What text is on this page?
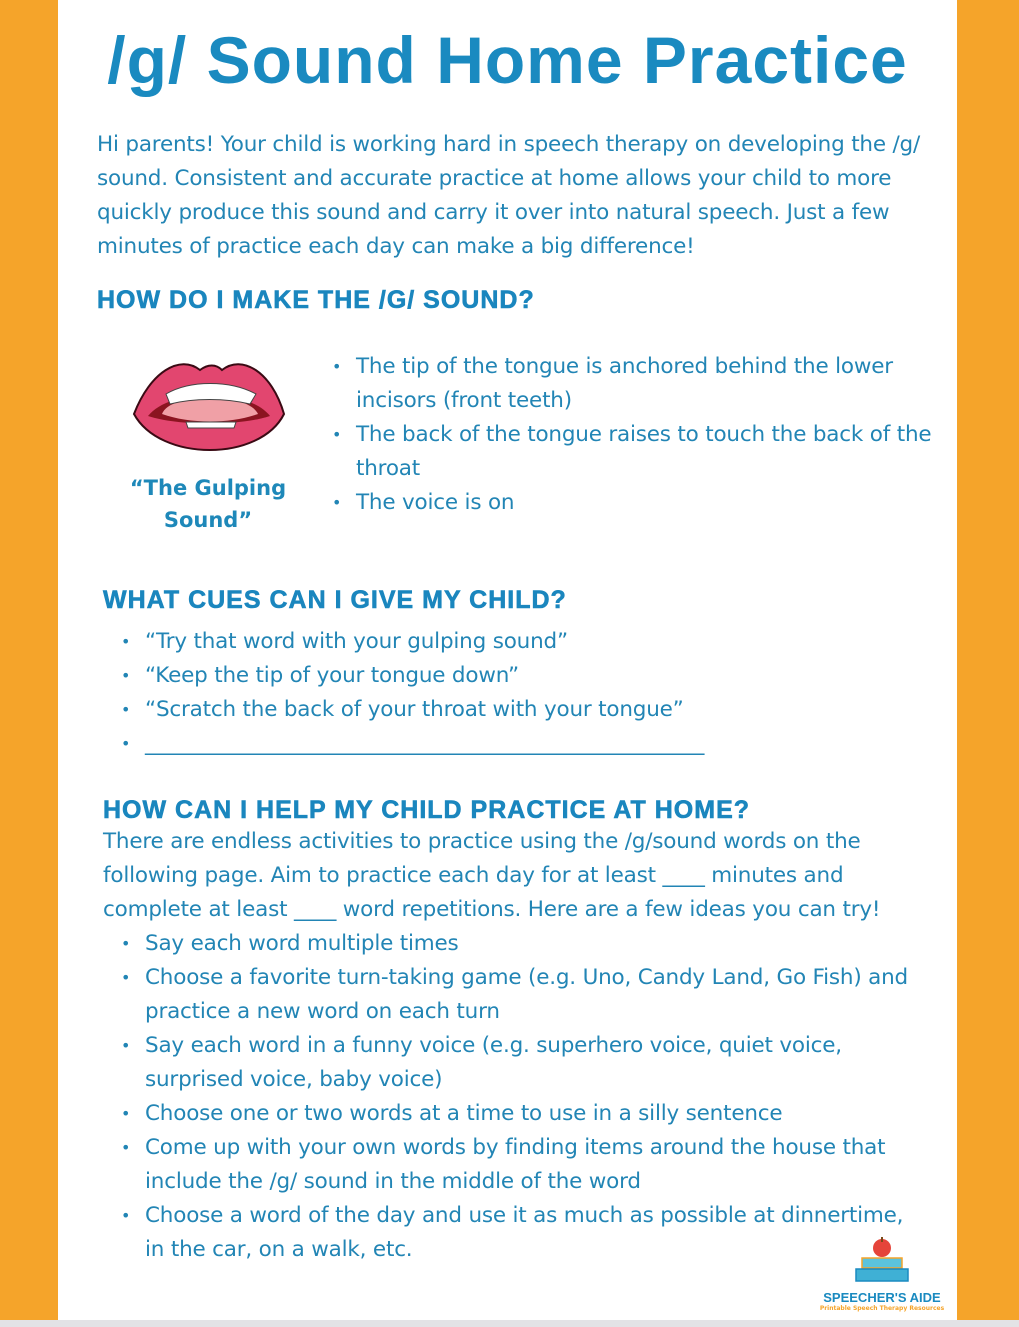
/g/ Sound Home Practice
Hi parents! Your child is working hard in speech therapy on developing the /g/ sound. Consistent and accurate practice at home allows your child to more quickly produce this sound and carry it over into natural speech. Just a few minutes of practice each day can make a big difference!
HOW DO I MAKE THE /G/ SOUND?
“The Gulping Sound”
• The tip of the tongue is anchored behind the lower incisors (front teeth)
• The back of the tongue raises to touch the back of the throat
• The voice is on
WHAT CUES CAN I GIVE MY CHILD?
• “Try that word with your gulping sound”
• “Keep the tip of your tongue down”
• “Scratch the back of your throat with your tongue”
• _____________________________________________________
HOW CAN I HELP MY CHILD PRACTICE AT HOME?
There are endless activities to practice using the /g/sound words on the following page. Aim to practice each day for at least ____ minutes and complete at least ____ word repetitions. Here are a few ideas you can try!
• Say each word multiple times
• Choose a favorite turn-taking game (e.g. Uno, Candy Land, Go Fish) and practice a new word on each turn
• Say each word in a funny voice (e.g. superhero voice, quiet voice, surprised voice, baby voice)
• Choose one or two words at a time to use in a silly sentence
• Come up with your own words by finding items around the house that include the /g/ sound in the middle of the word
• Choose a word of the day and use it as much as possible at dinnertime, in the car, on a walk, etc.
SPEECHER'S AIDE
Printable Speech Therapy Resources
